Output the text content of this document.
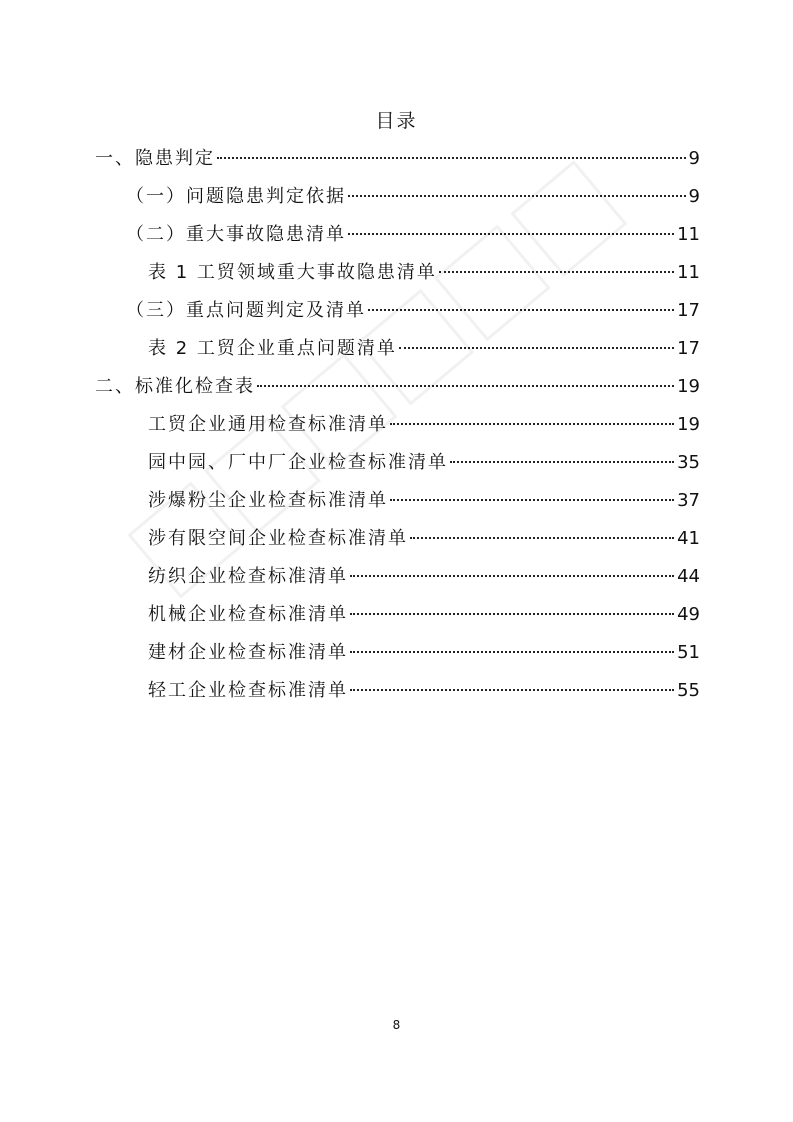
目录
一、隐患判定	9
（一）问题隐患判定依据	9
（二）重大事故隐患清单	11
表 1 工贸领域重大事故隐患清单	11
（三）重点问题判定及清单	17
表 2 工贸企业重点问题清单	17
二、标准化检查表	19
工贸企业通用检查标准清单	19
园中园、厂中厂企业检查标准清单	35
涉爆粉尘企业检查标准清单	37
涉有限空间企业检查标准清单	41
纺织企业检查标准清单	44
机械企业检查标准清单	49
建材企业检查标准清单	51
轻工企业检查标准清单	55
8
